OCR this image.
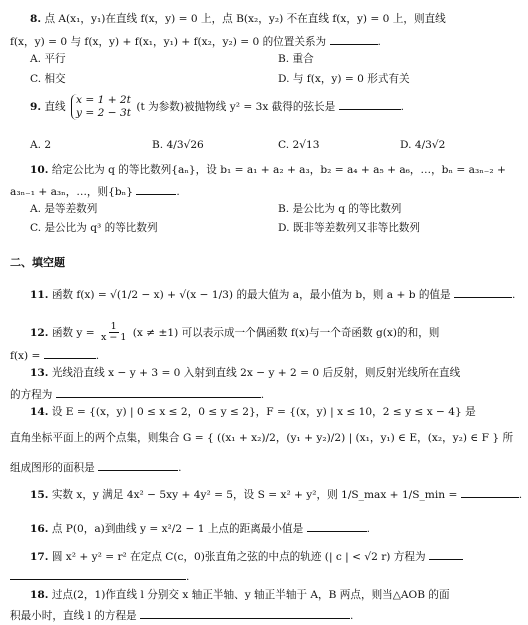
8. 点 A(x₁，y₁)在直线 f(x，y) = 0 上，点 B(x₂，y₂) 不在直线 f(x，y) = 0 上，则直线
f(x，y) = 0 与 f(x，y) + f(x₁，y₁) + f(x₂，y₂) = 0 的位置关系为	.
A. 平行	B. 重合
C. 相交	D. 与 f(x，y) = 0 形式有关
9. 直线 x = 1 + 2t
y = 2 − 3t (t 为参数)被抛物线 y² = 3x 截得的弦长是	.
A. 2	B. 4/3√26	C. 2√13	D. 4/3√2
10. 给定公比为 q 的等比数列{aₙ}，设 b₁ = a₁ + a₂ + a₃，b₂ = a₄ + a₅ + a₆，…，bₙ = a₃ₙ₋₂ +
a₃ₙ₋₁ + a₃ₙ，…，则{bₙ}	.
A. 是等差数列	B. 是公比为 q 的等比数列
C. 是公比为 q³ 的等比数列	D. 既非等差数列又非等比数列
二、填空题
11. 函数 f(x) = √(1/2 − x) + √(x − 1/3) 的最大值为 a，最小值为 b，则 a + b 的值是	.
12. 函数 $y = \frac{1}{x - 1} (x \ne \pm 1)$ 可以表示成一个偶函数 f(x)与一个奇函数 g(x)的和，则
f(x) =	.
13. 光线沿直线 x − y + 3 = 0 入射到直线 2x − y + 2 = 0 后反射，则反射光线所在直线
的方程为	.
14. 设 E = {(x，y) | 0 ≤ x ≤ 2，0 ≤ y ≤ 2}，F = {(x，y) | x ≤ 10，2 ≤ y ≤ x − 4} 是
直角坐标平面上的两个点集，则集合 G = { ((x₁ + x₂)/2，(y₁ + y₂)/2) | (x₁，y₁) ∈ E，(x₂，y₂) ∈ F } 所
组成图形的面积是	.
15. 实数 x，y 满足 4x² − 5xy + 4y² = 5，设 S = x² + y²，则 1/S_max + 1/S_min =	.
16. 点 P(0，a)到曲线 y = x²/2 − 1 上点的距离最小值是	.
17. 圆 x² + y² = r² 在定点 C(c，0)张直角之弦的中点的轨迹 (| c | < √2 r) 方程为
.
18. 过点(2，1)作直线 l 分别交 x 轴正半轴、y 轴正半轴于 A，B 两点，则当△AOB 的面
积最小时，直线 l 的方程是	.
